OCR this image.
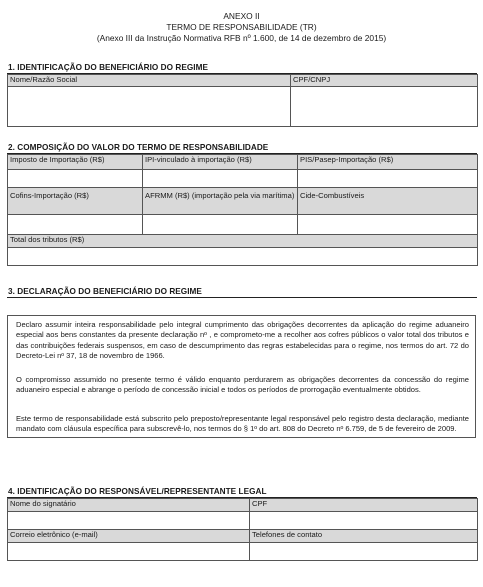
ANEXO II
TERMO DE RESPONSABILIDADE (TR)
(Anexo III da Instrução Normativa RFB nº 1.600, de 14 de dezembro de 2015)
1. IDENTIFICAÇÃO DO BENEFICIÁRIO DO REGIME
Nome/Razão Social	CPF/CNPJ

2. COMPOSIÇÃO DO VALOR DO TERMO DE RESPONSABILIDADE
Imposto de Importação (R$)	IPI-vinculado à importação (R$)	PIS/Pasep-Importação (R$)

Cofins-Importação (R$)	AFRMM (R$) (importação pela via marítima)	Cide-Combustíveis

Total dos tributos (R$)		

3. DECLARAÇÃO DO BENEFICIÁRIO DO REGIME
Declaro assumir inteira responsabilidade pelo integral cumprimento das obrigações decorrentes da aplicação do regime aduaneiro especial aos bens constantes da presente declaração nº , e comprometo-me a recolher aos cofres públicos o valor total dos tributos e das contribuições federais suspensos, em caso de descumprimento das regras estabelecidas para o regime, nos termos do art. 72 do Decreto-Lei nº 37, 18 de novembro de 1966.
O compromisso assumido no presente termo é válido enquanto perdurarem as obrigações decorrentes da concessão do regime aduaneiro especial e abrange o período de concessão inicial e todos os períodos de prorrogação eventualmente obtidos.
Este termo de responsabilidade está subscrito pelo preposto/representante legal responsável pelo registro desta declaração, mediante mandato com cláusula específica para subscrevê-lo, nos termos do § 1º do art. 808 do Decreto nº 6.759, de 5 de fevereiro de 2009.
4. IDENTIFICAÇÃO DO RESPONSÁVEL/REPRESENTANTE LEGAL
Nome do signatário	CPF

Correio eletrônico (e-mail)	Telefones de contato
